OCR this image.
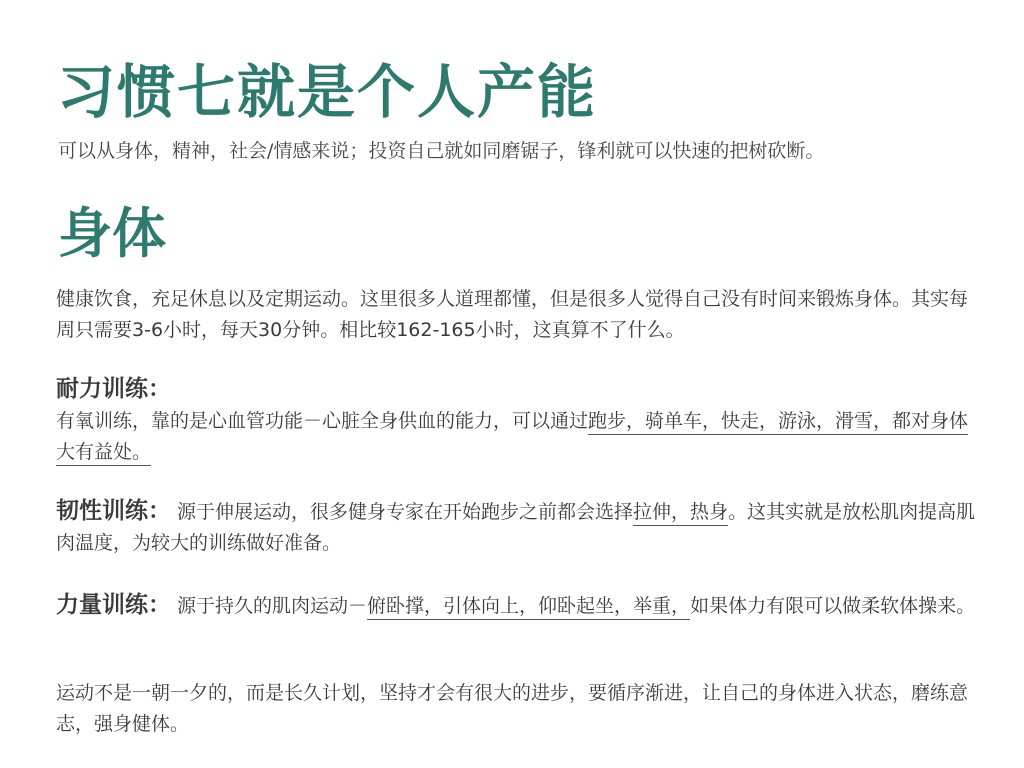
习惯七就是个人产能
可以从身体，精神，社会/情感来说；投资自己就如同磨锯子，锋利就可以快速的把树砍断。
身体
健康饮食，充足休息以及定期运动。这里很多人道理都懂，但是很多人觉得自己没有时间来锻炼身体。其实每周只需要3-6小时，每天30分钟。相比较162-165小时，这真算不了什么。
耐力训练：
有氧训练，靠的是心血管功能－心脏全身供血的能力，可以通过跑步，骑单车，快走，游泳，滑雪，都对身体大有益处。
韧性训练： 源于伸展运动，很多健身专家在开始跑步之前都会选择拉伸，热身。这其实就是放松肌肉提高肌肉温度，为较大的训练做好准备。
力量训练： 源于持久的肌肉运动－俯卧撑，引体向上，仰卧起坐，举重，如果体力有限可以做柔软体操来。
运动不是一朝一夕的，而是长久计划，坚持才会有很大的进步，要循序渐进，让自己的身体进入状态，磨练意志，强身健体。
